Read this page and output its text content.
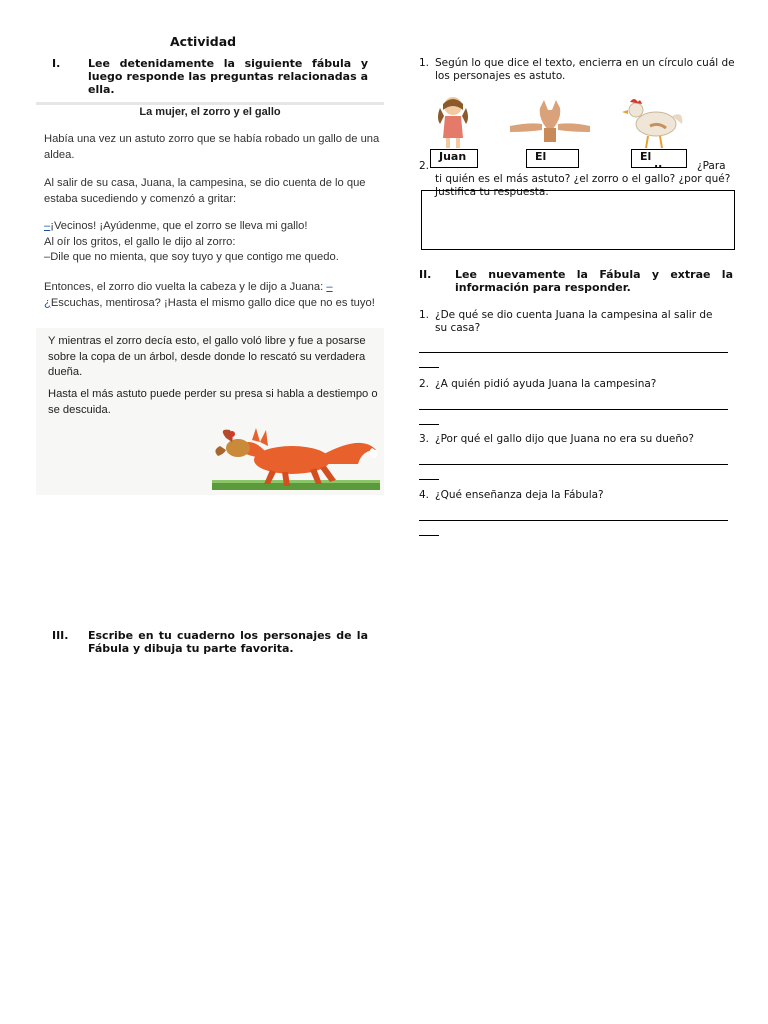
Actividad
I.	Lee detenidamente la siguiente fábula y luego responde las preguntas relacionadas a ella.
La mujer, el zorro y el gallo
Había una vez un astuto zorro que se había robado un gallo de una aldea.
Al salir de su casa, Juana, la campesina, se dio cuenta de lo que estaba sucediendo y comenzó a gritar:
–¡Vecinos! ¡Ayúdenme, que el zorro se lleva mi gallo!
Al oír los gritos, el gallo le dijo al zorro:
–Dile que no mienta, que soy tuyo y que contigo me quedo.
Entonces, el zorro dio vuelta la cabeza y le dijo a Juana: –
¿Escuchas, mentirosa? ¡Hasta el mismo gallo dice que no es tuyo!
Y mientras el zorro decía esto, el gallo voló libre y fue a posarse sobre la copa de un árbol, desde donde lo rescató su verdadera dueña.
Hasta el más astuto puede perder su presa si habla a destiempo o se descuida.
1. Según lo que dice el texto, encierra en un círculo cuál de los personajes es astuto.
Juan	El	El
..
2.	¿Para
ti quién es el más astuto? ¿el zorro o el gallo? ¿por qué? Justifica tu respuesta.
II.	Lee nuevamente la Fábula y extrae la información para responder.
1. ¿De qué se dio cuenta Juana la campesina al salir de su casa?
2. ¿A quién pidió ayuda Juana la campesina?
3. ¿Por qué el gallo dijo que Juana no era su dueño?
4. ¿Qué enseñanza deja la Fábula?
III.	Escribe en tu cuaderno los personajes de la Fábula y dibuja tu parte favorita.
